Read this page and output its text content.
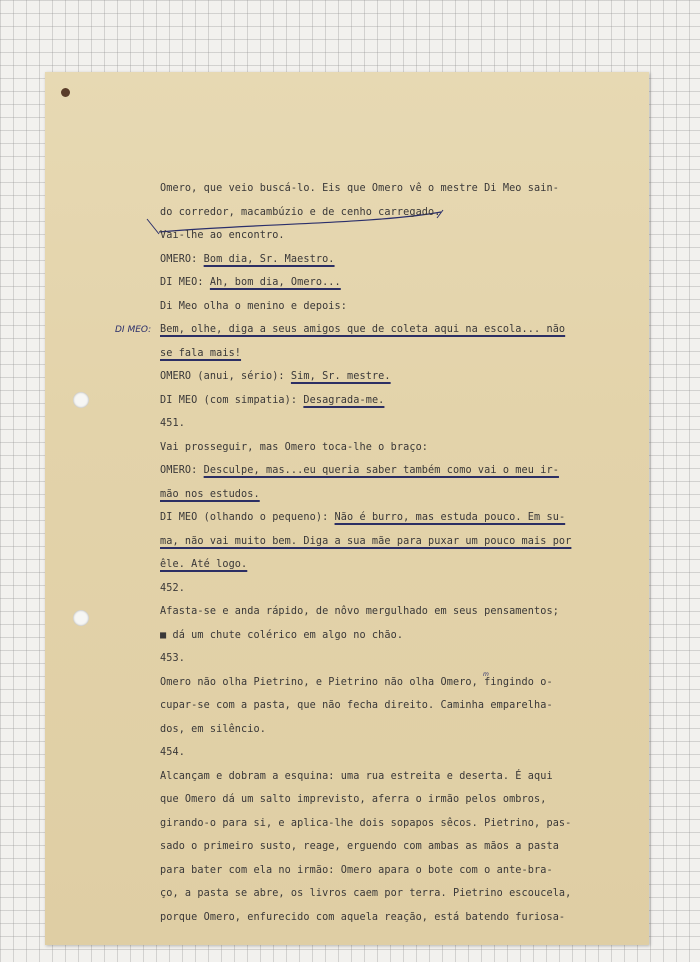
DI MEO:
m
Omero, que veio buscá-lo. Eis que Omero vê o mestre Di Meo sain-
do corredor, macambúzio e de cenho carregado.
Vai-lhe ao encontro.
OMERO: Bom dia, Sr. Maestro.
DI MEO: Ah, bom dia, Omero...
Di Meo olha o menino e depois:
Bem, olhe, diga a seus amigos que de coleta aqui na escola... não
se fala mais!
OMERO (anui, sério): Sim, Sr. mestre.
DI MEO (com simpatia): Desagrada-me.
451.
Vai prosseguir, mas Omero toca-lhe o braço:
OMERO: Desculpe, mas...eu queria saber também como vai o meu ir-
mão nos estudos.
DI MEO (olhando o pequeno): Não é burro, mas estuda pouco. Em su-
ma, não vai muito bem. Diga a sua mãe para puxar um pouco mais por
êle. Até logo.
452.
Afasta-se e anda rápido, de nôvo mergulhado em seus pensamentos;
■ dá um chute colérico em algo no chão.
453.
Omero não olha Pietrino, e Pietrino não olha Omero, fingindo o-
cupar-se com a pasta, que não fecha direito. Caminha emparelha-
dos, em silêncio.
454.
Alcançam e dobram a esquina: uma rua estreita e deserta. É aqui
que Omero dá um salto imprevisto, aferra o irmão pelos ombros,
girando-o para si, e aplica-lhe dois sopapos sêcos. Pietrino, pas-
sado o primeiro susto, reage, erguendo com ambas as mãos a pasta
para bater com ela no irmão: Omero apara o bote com o ante-bra-
ço, a pasta se abre, os livros caem por terra. Pietrino escoucela,
porque Omero, enfurecido com aquela reação, está batendo furiosa-
